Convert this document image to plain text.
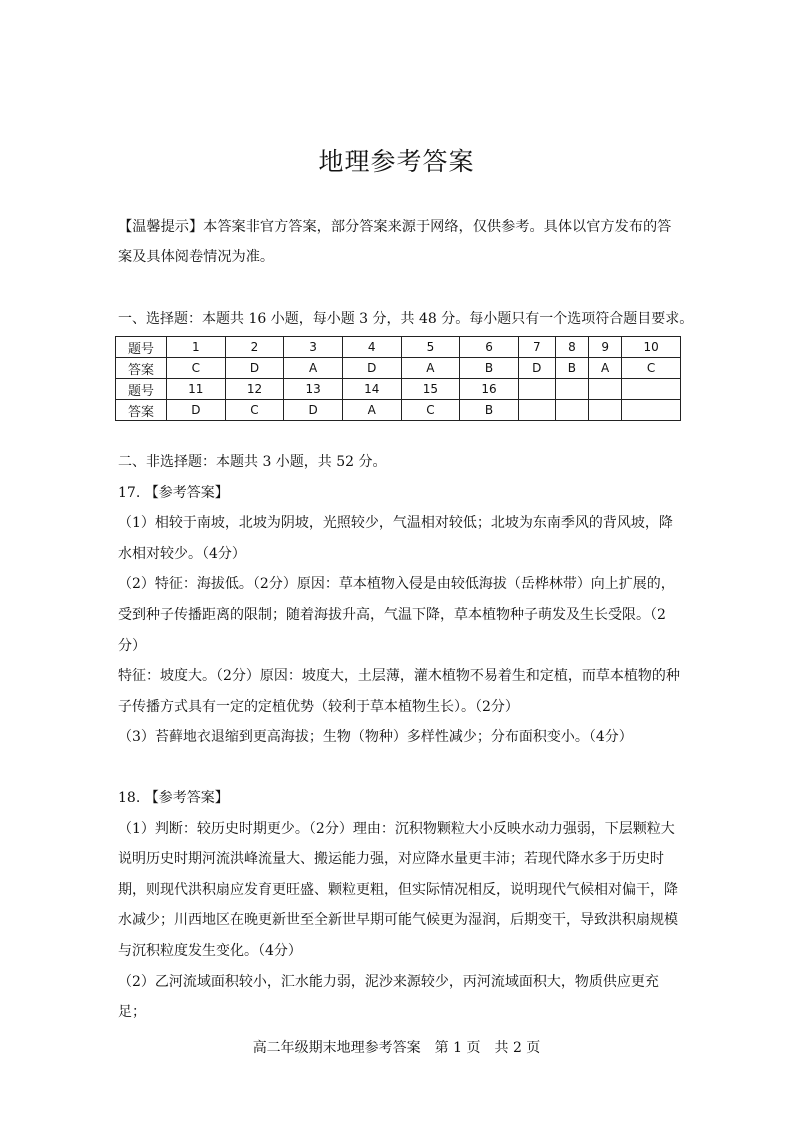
地理参考答案
【温馨提示】本答案非官方答案，部分答案来源于网络，仅供参考。具体以官方发布的答案及具体阅卷情况为准。
一、选择题：本题共 16 小题，每小题 3 分，共 48 分。每小题只有一个选项符合题目要求。
题号	1	2	3	4	5	6	7	8	9	10
答案	C	D	A	D	A	B	D	B	A	C
题号	11	12	13	14	15	16				
答案	D	C	D	A	C	B				

二、非选择题：本题共 3 小题，共 52 分。

17. 【参考答案】

（1）相较于南坡，北坡为阴坡，光照较少，气温相对较低；北坡为东南季风的背风坡，降水相对较少。（4分）

（2）特征：海拔低。（2分）原因：草本植物入侵是由较低海拔（岳桦林带）向上扩展的，受到种子传播距离的限制；随着海拔升高，气温下降，草本植物种子萌发及生长受限。（2分）

特征：坡度大。（2分）原因：坡度大，土层薄，灌木植物不易着生和定植，而草本植物的种子传播方式具有一定的定植优势（较利于草本植物生长）。（2分）

（3）苔藓地衣退缩到更高海拔；生物（物种）多样性减少；分布面积变小。（4分）

18. 【参考答案】

（1）判断：较历史时期更少。（2分）理由：沉积物颗粒大小反映水动力强弱，下层颗粒大说明历史时期河流洪峰流量大、搬运能力强，对应降水量更丰沛；若现代降水多于历史时期，则现代洪积扇应发育更旺盛、颗粒更粗，但实际情况相反，说明现代气候相对偏干，降水减少；川西地区在晚更新世至全新世早期可能气候更为湿润，后期变干，导致洪积扇规模与沉积粒度发生变化。（4分）

（2）乙河流域面积较小，汇水能力弱，泥沙来源较少，丙河流域面积大，物质供应更充足；

高二年级期末地理参考答案　第 1 页　共 2 页
